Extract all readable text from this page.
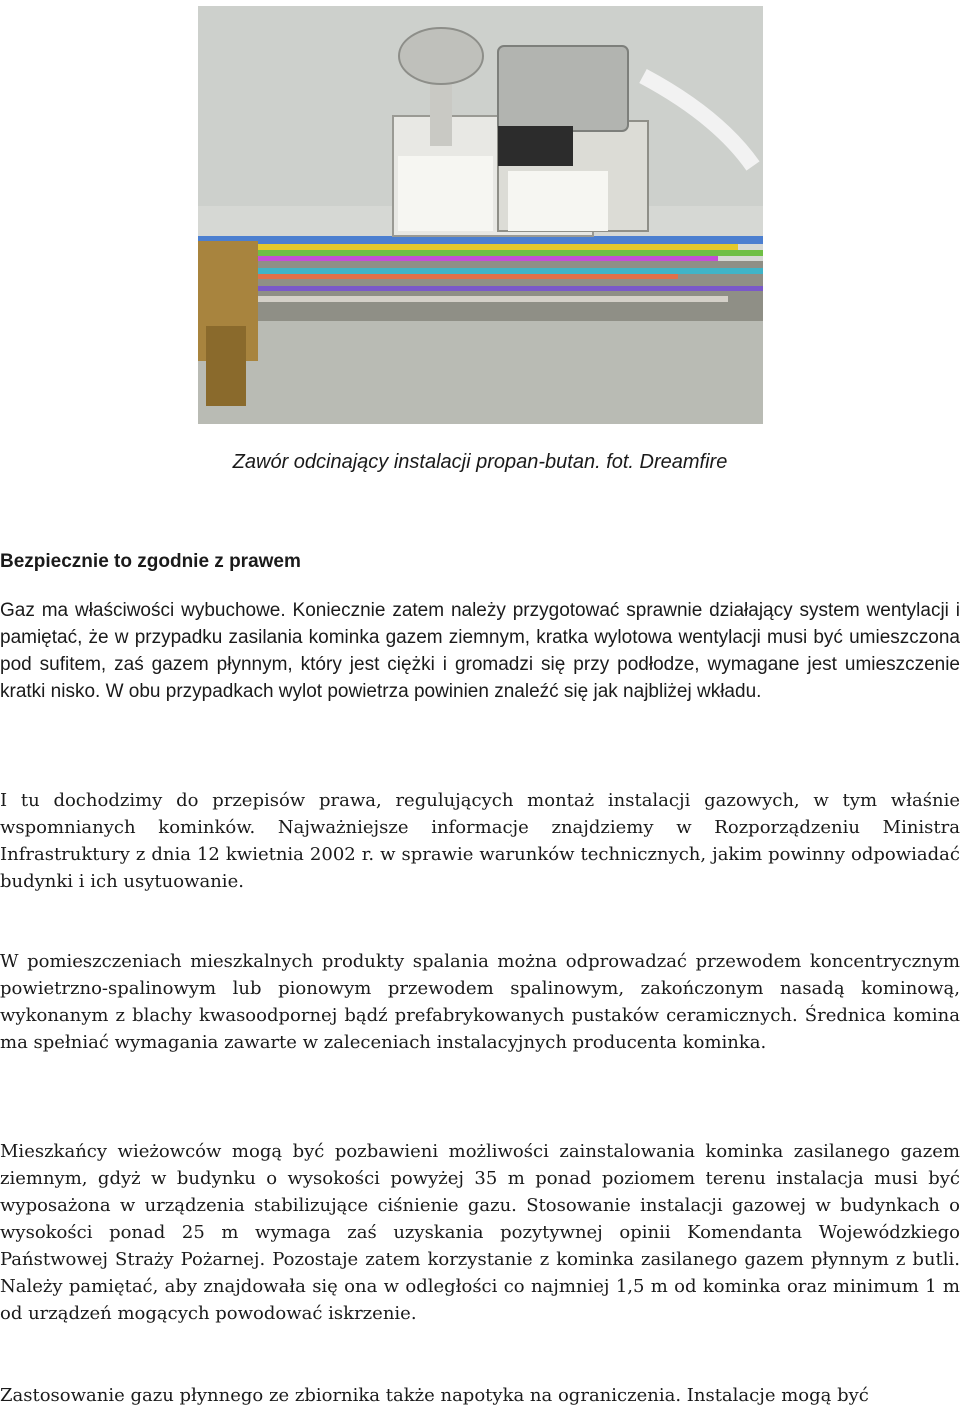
Zawór odcinający instalacji propan-butan. fot. Dreamfire
Bezpiecznie to zgodnie z prawem

Gaz ma właściwości wybuchowe. Koniecznie zatem należy przygotować sprawnie działający system wentylacji i pamiętać, że w przypadku zasilania kominka gazem ziemnym, kratka wylotowa wentylacji musi być umieszczona pod sufitem, zaś gazem płynnym, który jest ciężki i gromadzi się przy podłodze, wymagane jest umieszczenie kratki nisko. W obu przypadkach wylot powietrza powinien znaleźć się jak najbliżej wkładu.

I tu dochodzimy do przepisów prawa, regulujących montaż instalacji gazowych, w tym właśnie wspomnianych kominków. Najważniejsze informacje znajdziemy w Rozporządzeniu Ministra Infrastruktury z dnia 12 kwietnia 2002 r. w sprawie warunków technicznych, jakim powinny odpowiadać budynki i ich usytuowanie.

W pomieszczeniach mieszkalnych produkty spalania można odprowadzać przewodem koncentrycznym powietrzno-spalinowym lub pionowym przewodem spalinowym, zakończonym nasadą kominową, wykonanym z blachy kwasoodpornej bądź prefabrykowanych pustaków ceramicznych. Średnica komina ma spełniać wymagania zawarte w zaleceniach instalacyjnych producenta kominka.

Mieszkańcy wieżowców mogą być pozbawieni możliwości zainstalowania kominka zasilanego gazem ziemnym, gdyż w budynku o wysokości powyżej 35 m ponad poziomem terenu instalacja musi być wyposażona w urządzenia stabilizujące ciśnienie gazu. Stosowanie instalacji gazowej w budynkach o wysokości ponad 25 m wymaga zaś uzyskania pozytywnej opinii Komendanta Wojewódzkiego Państwowej Straży Pożarnej. Pozostaje zatem korzystanie z kominka zasilanego gazem płynnym z butli. Należy pamiętać, aby znajdowała się ona w odległości co najmniej 1,5 m od kominka oraz minimum 1 m od urządzeń mogących powodować iskrzenie.

Zastosowanie gazu płynnego ze zbiornika także napotyka na ograniczenia. Instalacje mogą być
